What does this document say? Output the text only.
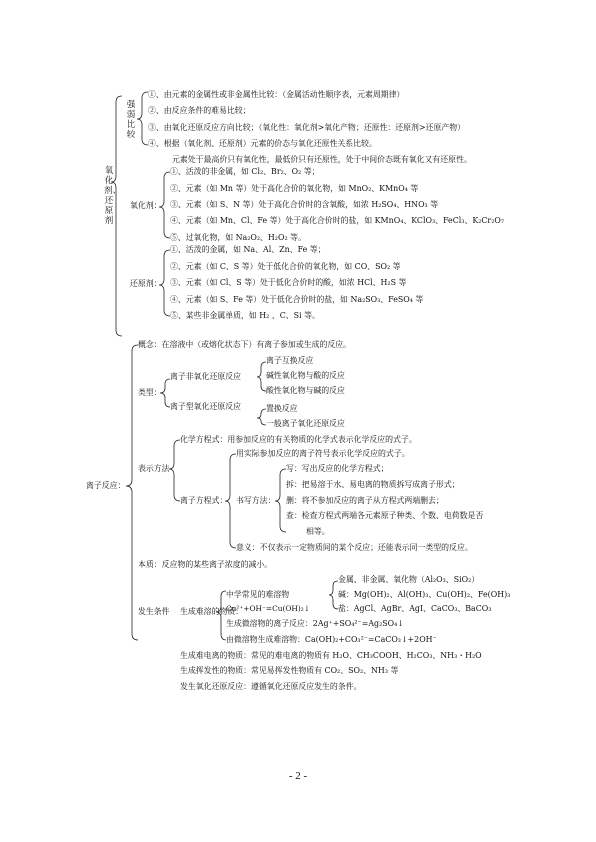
氧化剂、还原剂
强弱比较
①、由元素的金属性或非金属性比较：（金属活动性顺序表，元素周期律）
②、由反应条件的难易比较；
③、由氧化还原反应方向比较；（氧化性：氧化剂>氧化产物；还原性：还原剂>还原产物）
④、根据（氧化剂、还原剂）元素的价态与氧化还原性关系比较。
元素处于最高价只有氧化性，最低价只有还原性，处于中间价态既有氧化又有还原性。
氧化剂：
①、活泼的非金属，如 Cl₂、Br₂、O₂ 等；
②、元素（如 Mn 等）处于高化合价的氧化物，如 MnO₂、KMnO₄ 等
③、元素（如 S、N 等）处于高化合价时的含氧酸，如浓 H₂SO₄、HNO₃ 等
④、元素（如 Mn、Cl、Fe 等）处于高化合价时的盐，如 KMnO₄、KClO₃、FeCl₃、K₂Cr₂O₇
⑤、过氧化物，如 Na₂O₂、H₂O₂ 等。
还原剂：
①、活泼的金属，如 Na、Al、Zn、Fe 等；
②、元素（如 C、S 等）处于低化合价的氧化物，如 CO、SO₂ 等
③、元素（如 Cl、S 等）处于低化合价时的酸，如浓 HCl、H₂S 等
④、元素（如 S、Fe 等）处于低化合价时的盐，如 Na₂SO₃、FeSO₄ 等
⑤、某些非金属单质，如 H₂ 、C、Si 等。
离子反应：
概念：在溶液中（或熔化状态下）有离子参加或生成的反应。
类型：
离子非氧化还原反应
离子互换反应
碱性氧化物与酸的反应
酸性氧化物与碱的反应
离子型氧化还原反应	置换反应
一般离子氧化还原反应
表示方法
化学方程式：用参加反应的有关物质的化学式表示化学反应的式子。
离子方程式：
用实际参加反应的离子符号表示化学反应的式子。
书写方法：
写：写出反应的化学方程式；
拆：把易溶于水、易电离的物质拆写成离子形式；
删：将不参加反应的离子从方程式两端删去；
查：检查方程式两端各元素原子种类、个数、电荷数是否
相等。
意义：不仅表示一定物质间的某个反应；还能表示同一类型的反应。
本质：反应物的某些离子浓度的减小。
发生条件 生成难溶的物质：
中学常见的难溶物
金属、非金属、氧化物（Al₂O₃、SiO₂）
碱：Mg(OH)₂、Al(OH)₃、Cu(OH)₂、Fe(OH)₃
盐：AgCl、AgBr、AgI、CaCO₃、BaCO₃
Cu²⁺+OH⁻=Cu(OH)₂↓
生成微溶物的离子反应：2Ag⁺+SO₄²⁻=Ag₂SO₄↓
由微溶物生成难溶物：Ca(OH)₂+CO₃²⁻=CaCO₃↓+2OH⁻
生成难电离的物质：常见的难电离的物质有 H₂O、CH₃COOH、H₂CO₃、NH₃・H₂O
生成挥发性的物质：常见易挥发性物质有 CO₂、SO₂、NH₃ 等
发生氧化还原反应：遵循氧化还原反应发生的条件。
- 2 -
